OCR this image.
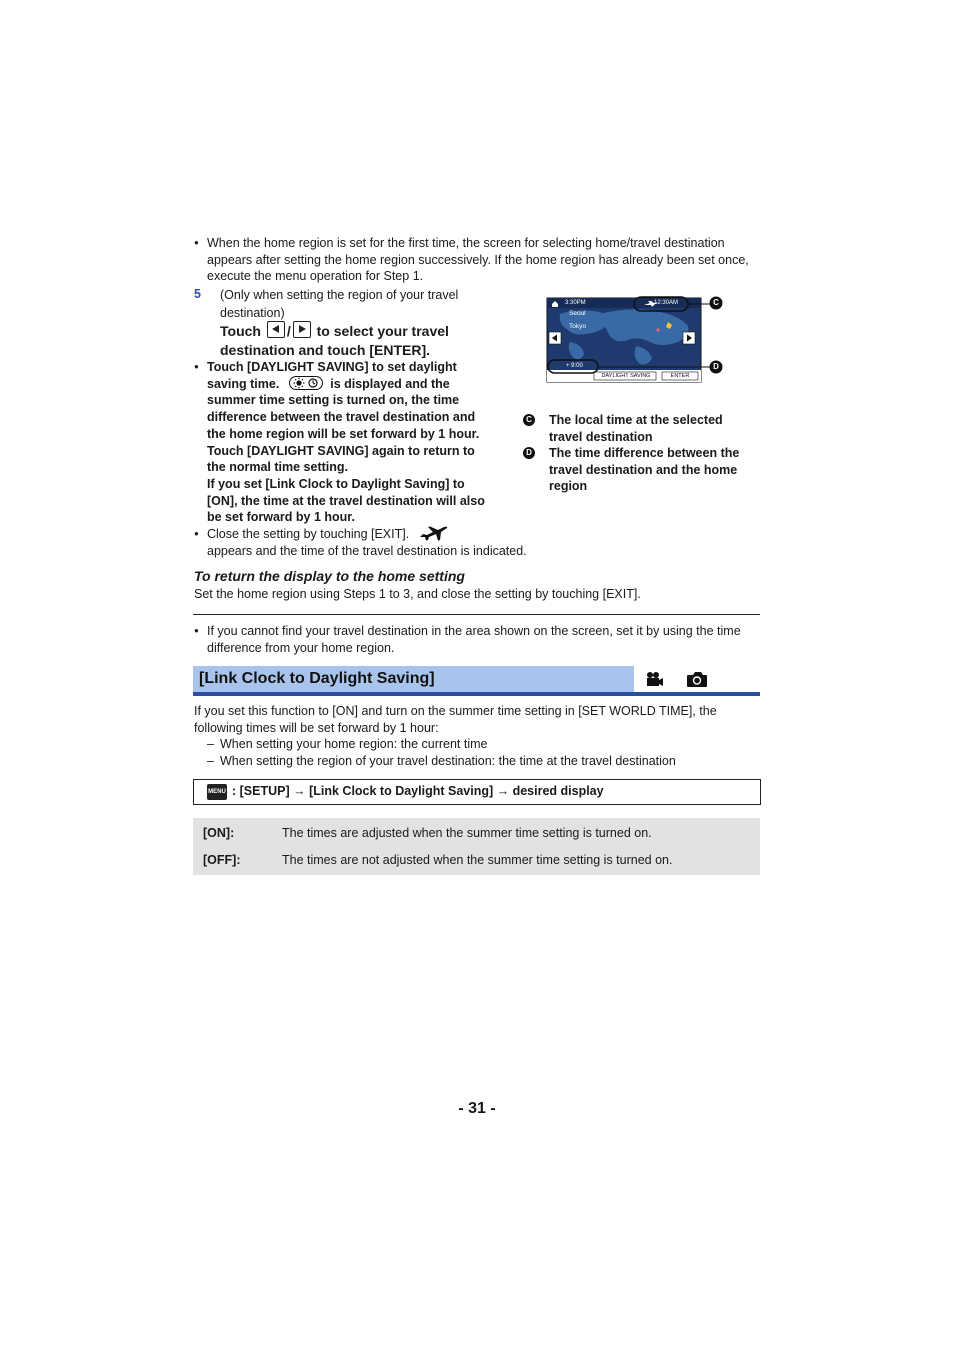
● When the home region is set for the first time, the screen for selecting home/travel destination appears after setting the home region successively. If the home region has already been set once, execute the menu operation for Step 1.
5 (Only when setting the region of your travel
destination)
Touch / to select your travel
destination and touch [ENTER].
● Touch [DAYLIGHT SAVING] to set daylight
saving time.	is displayed and the
summer time setting is turned on, the time
difference between the travel destination and
the home region will be set forward by 1 hour.
Touch [DAYLIGHT SAVING] again to return to
the normal time setting.
If you set [Link Clock to Daylight Saving] to
[ON], the time at the travel destination will also
be set forward by 1 hour.
● Close the setting by touching [EXIT].
appears and the time of the travel destination is indicated.
3:30PM	12:30AM
Seoul
Tokyo
+ 9:00
DAYLIGHT SAVING	ENTER
C
D
C The local time at the selected
travel destination
D The time difference between the
travel destination and the home
region
To return the display to the home setting
Set the home region using Steps 1 to 3, and close the setting by touching [EXIT].
● If you cannot find your travel destination in the area shown on the screen, set it by using the time difference from your home region.
[Link Clock to Daylight Saving]
If you set this function to [ON] and turn on the summer time setting in [SET WORLD TIME], the
following times will be set forward by 1 hour:
– When setting your home region: the current time
– When setting the region of your travel destination: the time at the travel destination
MENU : [SETUP] → [Link Clock to Daylight Saving] → desired display
[ON]:	The times are adjusted when the summer time setting is turned on.
[OFF]:	The times are not adjusted when the summer time setting is turned on.
- 31 -
